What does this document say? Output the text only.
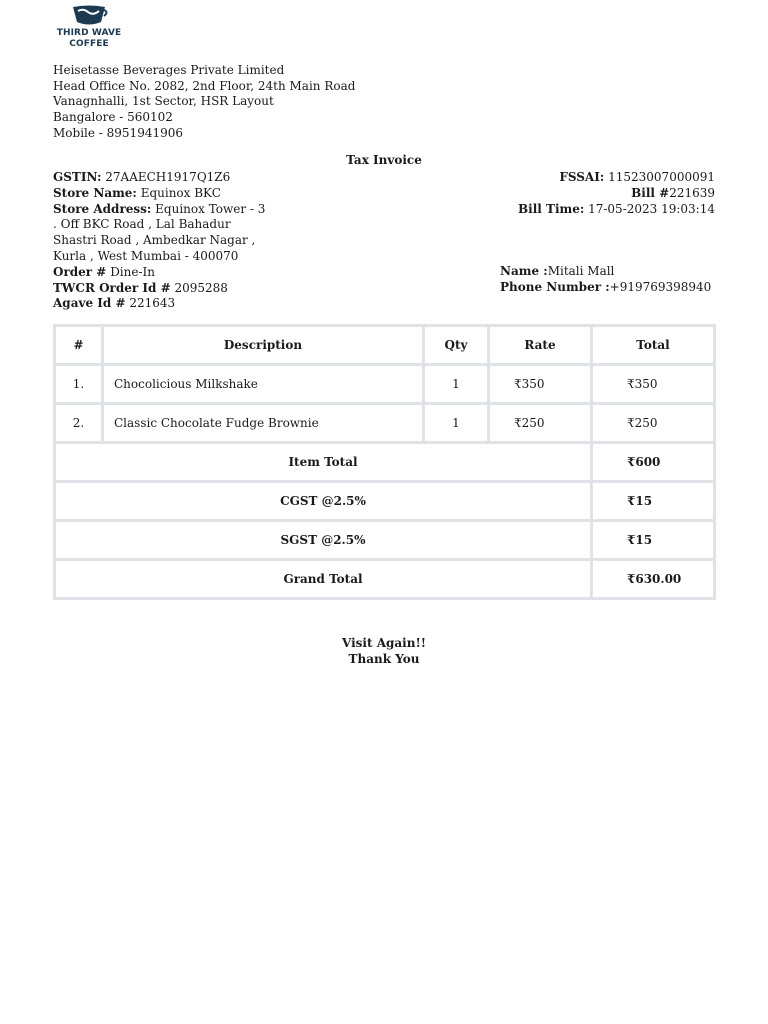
THIRD WAVE
COFFEE
Heisetasse Beverages Private Limited
Head Office No. 2082, 2nd Floor, 24th Main Road
Vanagnhalli, 1st Sector, HSR Layout
Bangalore - 560102
Mobile - 8951941906
Tax Invoice
GSTIN: 27AAECH1917Q1Z6
Store Name: Equinox BKC
Store Address: Equinox Tower - 3
. Off BKC Road , Lal Bahadur
Shastri Road , Ambedkar Nagar ,
Kurla , West Mumbai - 400070
Order # Dine-In
TWCR Order Id # 2095288
Agave Id # 221643
FSSAI: 11523007000091
Bill #221639
Bill Time: 17-05-2023 19:03:14
Name :Mitali Mall
Phone Number :+919769398940
#	Description	Qty	Rate	Total
1.	Chocolicious Milkshake	1	₹350	₹350
2.	Classic Chocolate Fudge Brownie	1	₹250	₹250
Item Total				₹600
CGST @2.5%				₹15
SGST @2.5%				₹15
Grand Total				₹630.00
Visit Again!!
Thank You
